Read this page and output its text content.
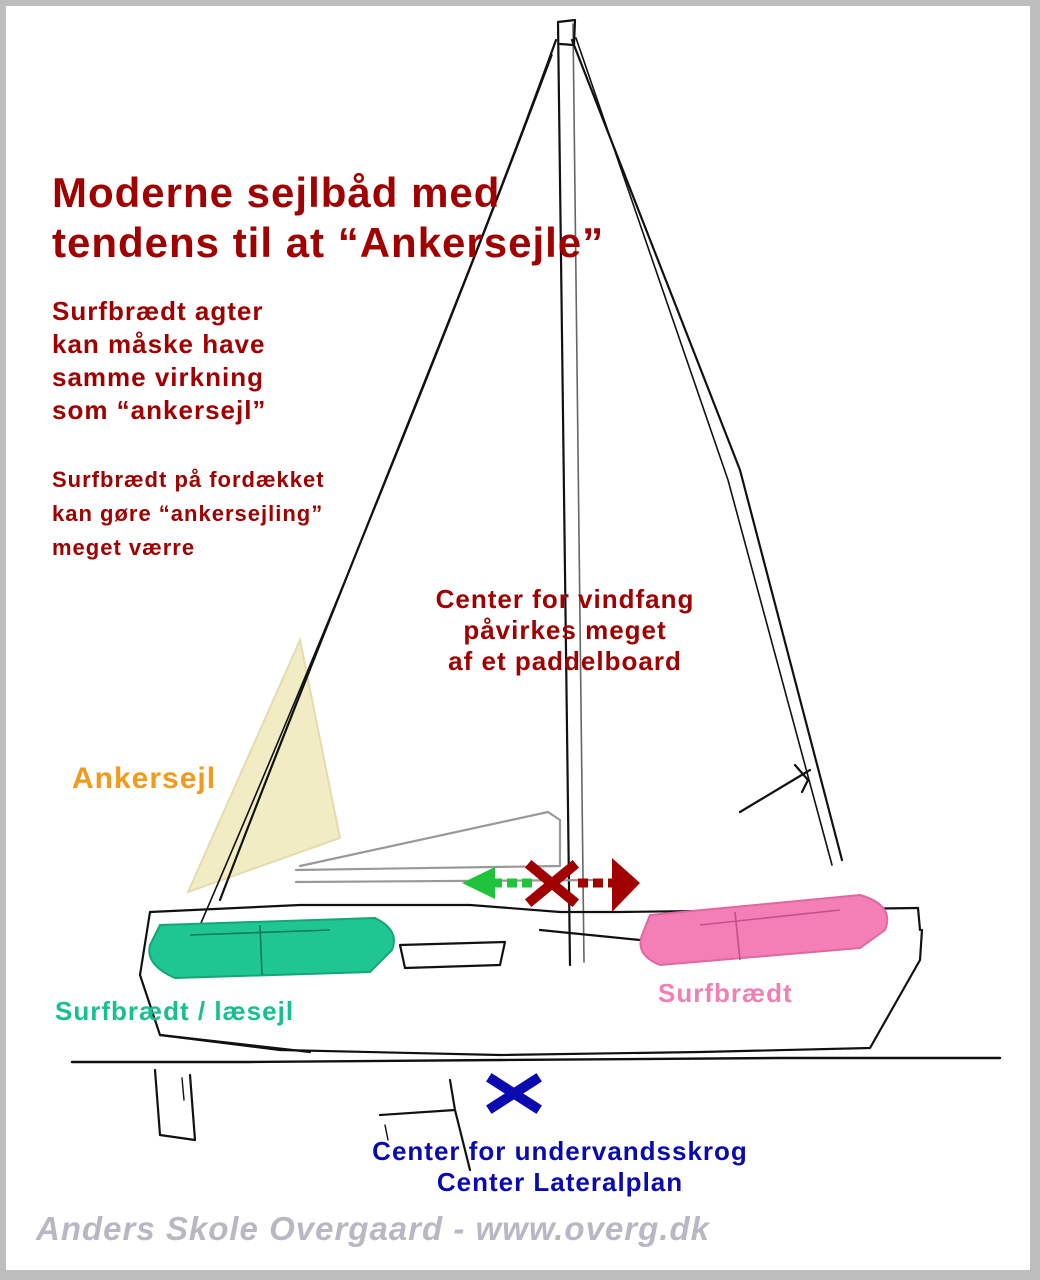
Moderne sejlbåd med
tendens til at “Ankersejle”
Surfbrædt agter
kan måske have
samme virkning
som “ankersejl”
Surfbrædt på fordækket
kan gøre “ankersejling”
meget værre
Center for vindfang
påvirkes meget
af et paddelboard
Ankersejl
Surfbrædt / læsejl
Surfbrædt
Center for undervandsskrog
Center Lateralplan
Anders Skole Overgaard - www.overg.dk
